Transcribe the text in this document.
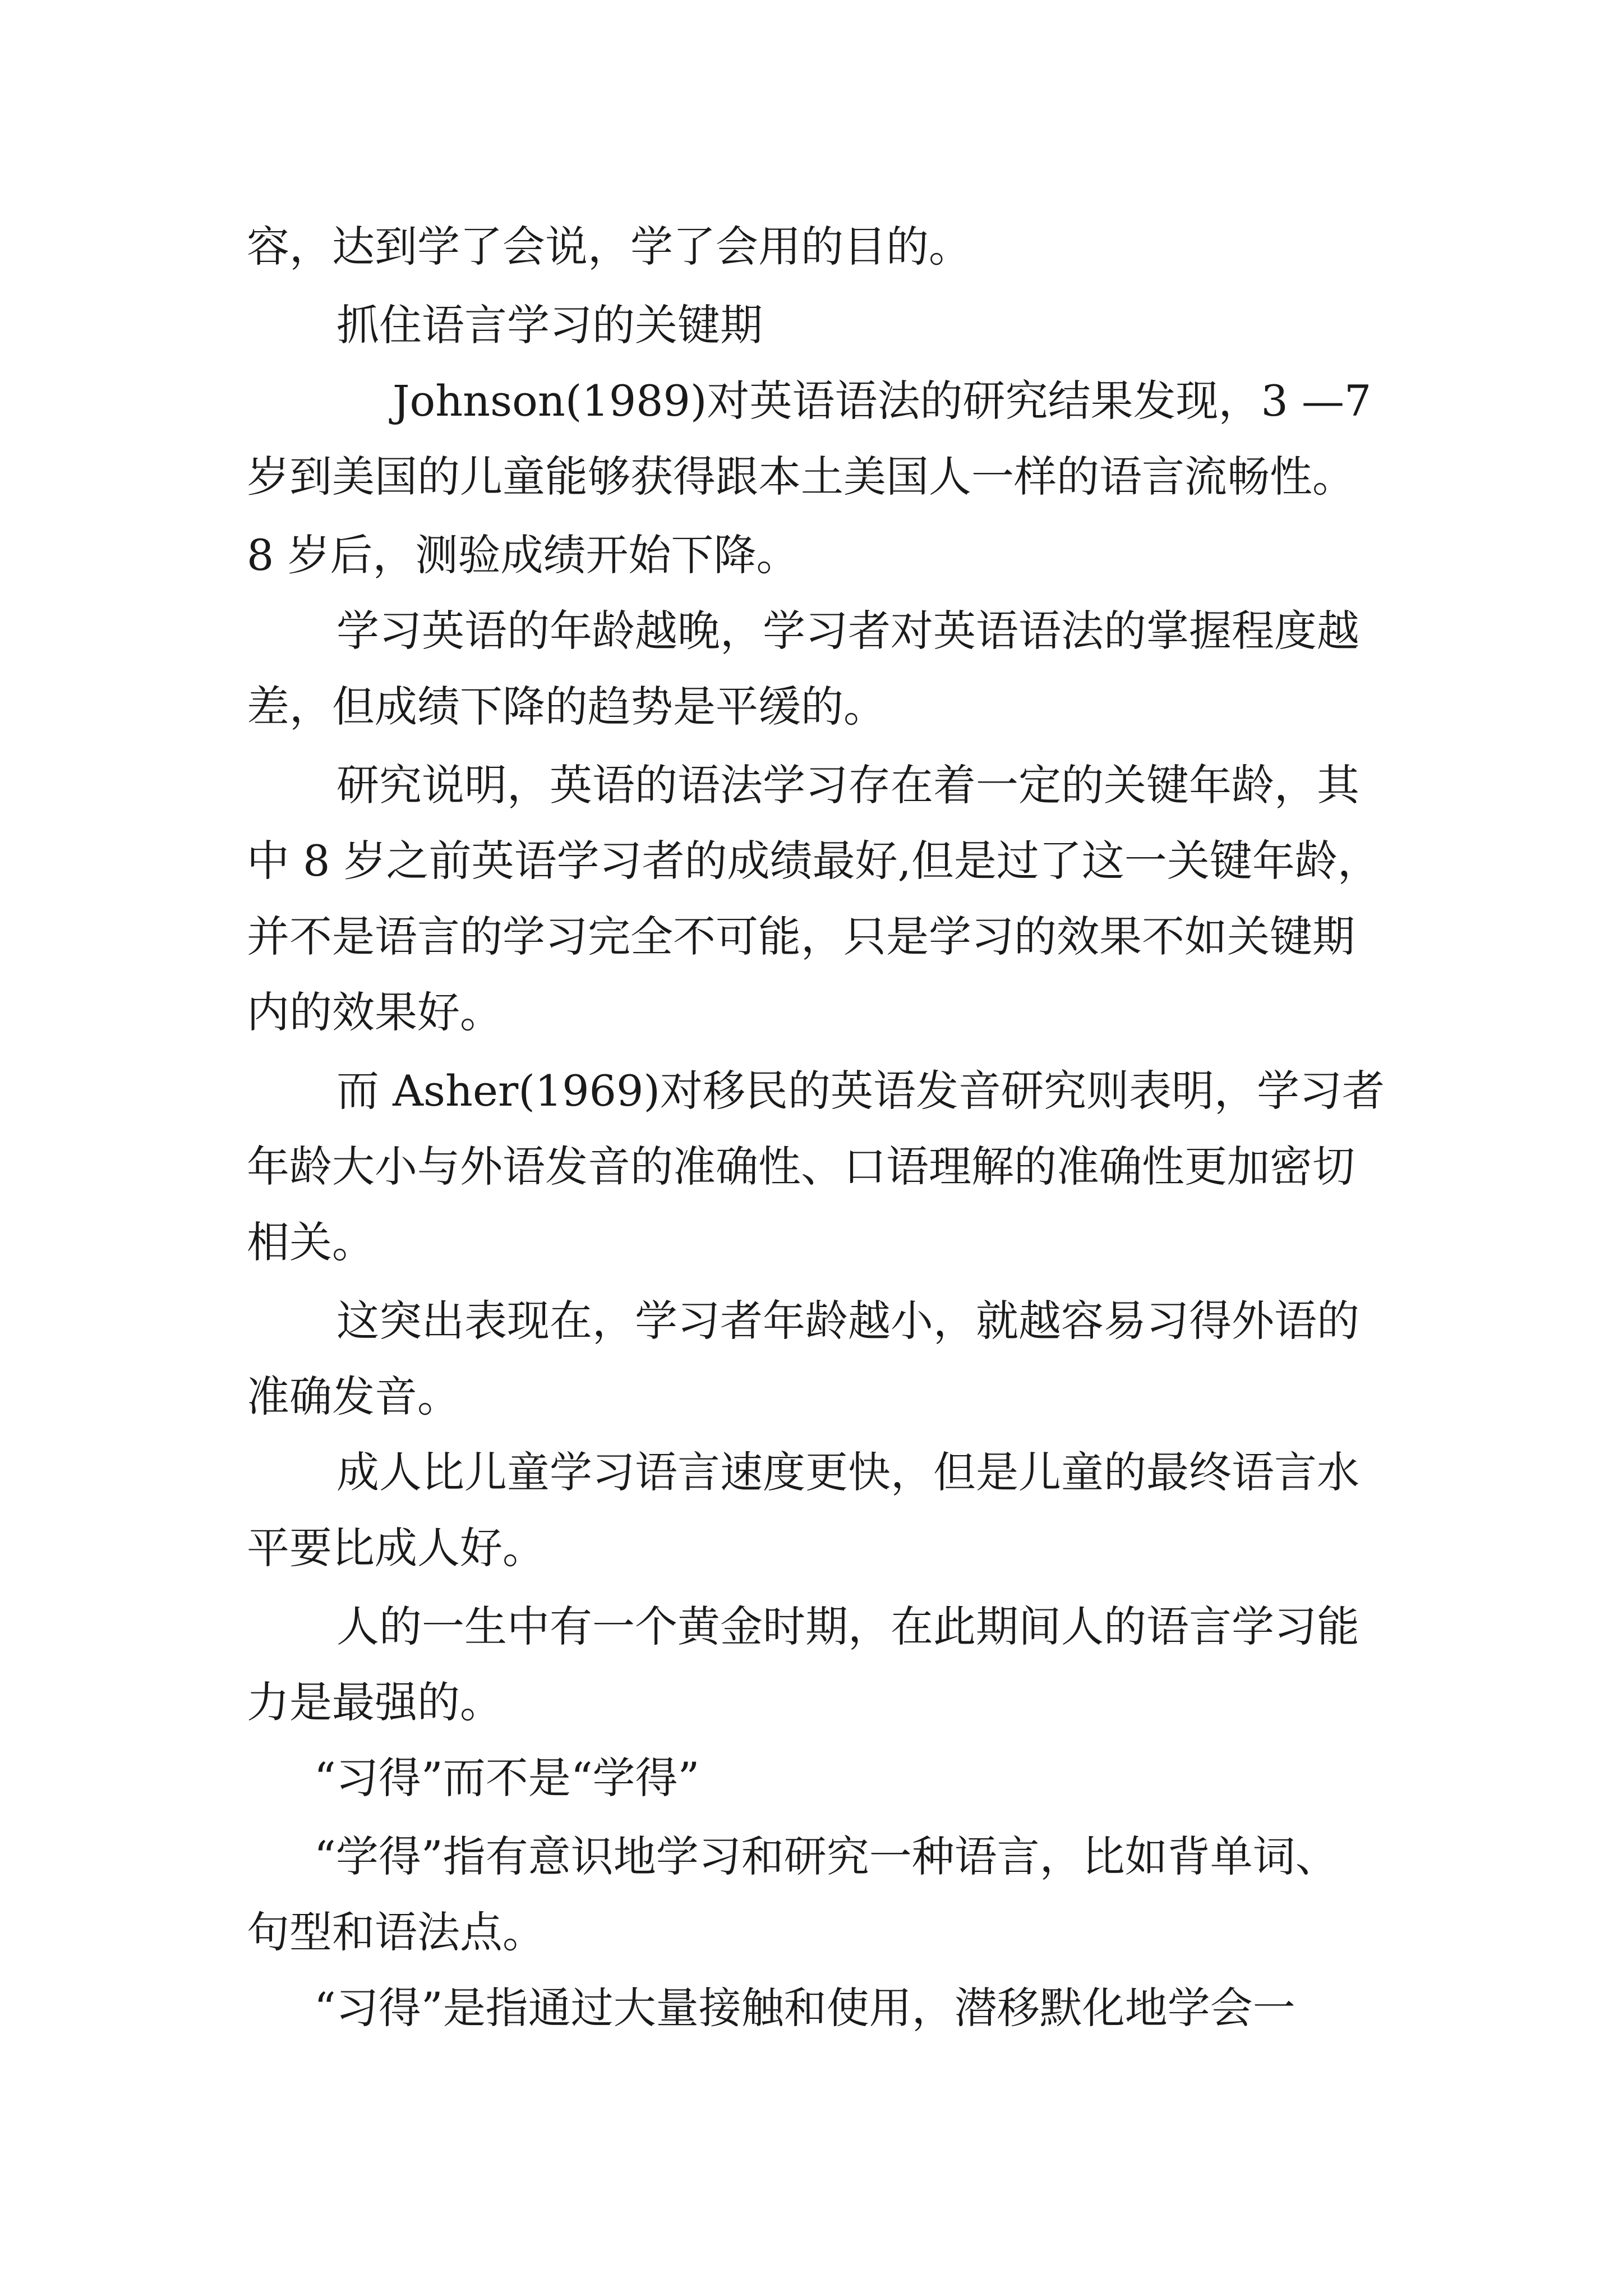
容，达到学了会说，学了会用的目的。
抓住语言学习的关键期
Johnson(1989)对英语语法的研究结果发现，3 —7
岁到美国的儿童能够获得跟本土美国人一样的语言流畅性。
8 岁后，测验成绩开始下降。
学习英语的年龄越晚，学习者对英语语法的掌握程度越
差，但成绩下降的趋势是平缓的。
研究说明，英语的语法学习存在着一定的关键年龄，其
中 8 岁之前英语学习者的成绩最好,但是过了这一关键年龄，
并不是语言的学习完全不可能，只是学习的效果不如关键期
内的效果好。
而 Asher(1969)对移民的英语发音研究则表明，学习者
年龄大小与外语发音的准确性、口语理解的准确性更加密切
相关。
这突出表现在，学习者年龄越小，就越容易习得外语的
准确发音。
成人比儿童学习语言速度更快，但是儿童的最终语言水
平要比成人好。
人的一生中有一个黄金时期，在此期间人的语言学习能
力是最强的。
“习得”而不是“学得”
“学得”指有意识地学习和研究一种语言，比如背单词、
句型和语法点。
“习得”是指通过大量接触和使用，潜移默化地学会一
